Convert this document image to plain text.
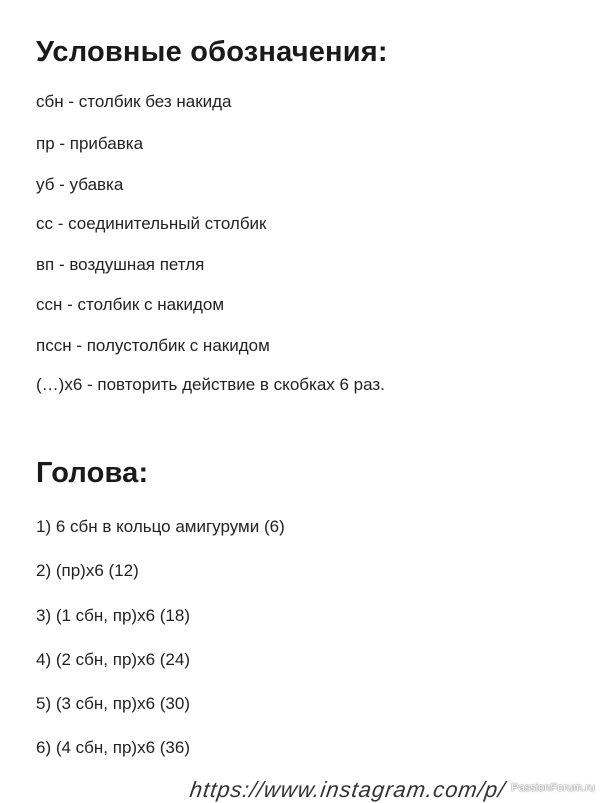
Условные обозначения:
сбн - столбик без накида
пр - прибавка
уб - убавка
сс - соединительный столбик
вп - воздушная петля
ссн - столбик с накидом
пссн - полустолбик с накидом
(…)х6 - повторить действие в скобках 6 раз.
Голова:
1) 6 сбн в кольцо амигуруми (6)
2) (пр)х6 (12)
3) (1 сбн, пр)х6 (18)
4) (2 сбн, пр)х6 (24)
5) (3 сбн, пр)х6 (30)
6) (4 сбн, пр)х6 (36)
https://www.instagram.com/p/ PassionForum.ru
